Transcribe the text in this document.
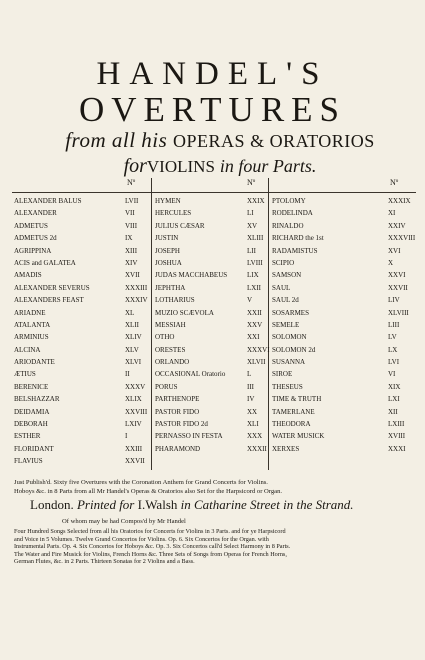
HANDEL'S
OVERTURES
from all his OPERAS & ORATORIOS
forVIOLINS in four Parts.
Nº	Nº	Nº
ALEXANDER BALUS	LVII
ALEXANDER	VII
ADMETUS	VIII
ADMETUS 2d	IX
AGRIPPINA	XIII
ACIS and GALATEA	XIV
AMADIS	XVII
ALEXANDER SEVERUS	XXXIII
ALEXANDERS FEAST	XXXIV
ARIADNE	XL
ATALANTA	XLII
ARMINIUS	XLIV
ALCINA	XLV
ARIODANTE	XLVI
ÆTIUS	II
BERENICE	XXXV
BELSHAZZAR	XLIX
DEIDAMIA	XXVIII
DEBORAH	LXIV
ESTHER	I
FLORIDANT	XXIII
FLAVIUS	XXVII
HYMEN	XXIX
HERCULES	LI
JULIUS CÆSAR	XV
JUSTIN	XLIII
JOSEPH	LII
JOSHUA	LVIII
JUDAS MACCHABEUS	LIX
JEPHTHA	LXII
LOTHARIUS	V
MUZIO SCÆVOLA	XXII
MESSIAH	XXV
OTHO	XXI
ORESTES	XXXVI
ORLANDO	XLVII
OCCASIONAL Oratorio	L
PORUS	III
PARTHENOPE	IV
PASTOR FIDO	XX
PASTOR FIDO 2d	XLI
PERNASSO IN FESTA	XXX
PHARAMOND	XXXII
PTOLOMY	XXXIX
RODELINDA	XI
RINALDO	XXIV
RICHARD the 1st	XXXVIII
RADAMISTUS	XVI
SCIPIO	X
SAMSON	XXVI
SAUL	XXVII
SAUL 2d	LIV
SOSARMES	XLVIII
SEMELE	LIII
SOLOMON	LV
SOLOMON 2d	LX
SUSANNA	LVI
SIROE	VI
THESEUS	XIX
TIME & TRUTH	LXI
TAMERLANE	XII
THEODORA	LXIII
WATER MUSICK	XVIII
XERXES	XXXI
Just Publish'd. Sixty five Overtures with the Coronation Anthem for Grand Concerts for Violins.
Hoboys &c. in 8 Parts from all Mr Handel's Operas & Oratorios also Set for the Harpsicord or Organ.
London. Printed for I.Walsh in Catharine Street in the Strand.
Of whom may be had Compos'd by Mr Handel
Four Hundred Songs Selected from all his Oratorios for Concerts for Violins in 3 Parts. and for ye Harpsicord
and Voice in 5 Volumes. Twelve Grand Concertos for Violins. Op. 6. Six Concertos for the Organ. with
Instrumental Parts. Op. 4. Six Concertos for Hoboys &c. Op. 3. Six Concertos call'd Select Harmony in 8 Parts.
The Water and Fire Musick for Violins, French Horns &c. Three Sets of Songs from Operas for French Horns,
German Flutes, &c. in 2 Parts. Thirteen Sonatas for 2 Violins and a Bass.
